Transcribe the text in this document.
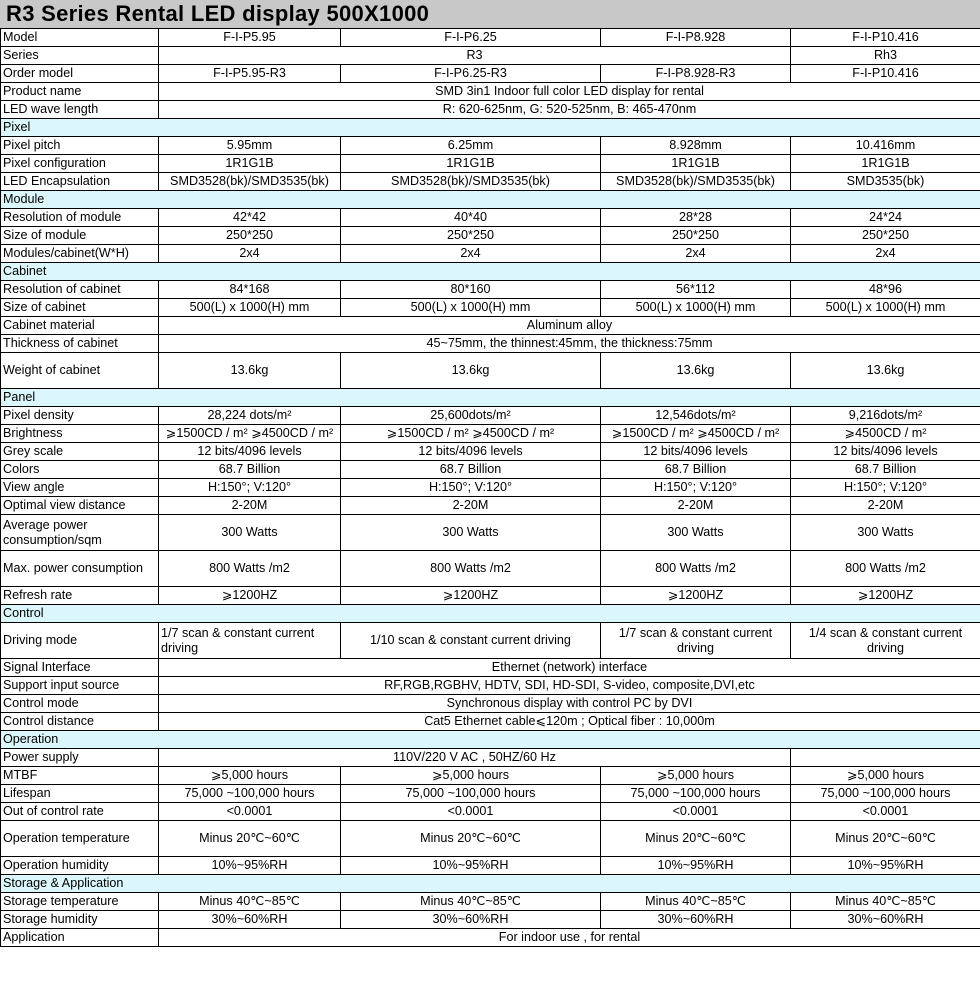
R3 Series Rental LED display 500X1000
Model	F-I-P5.95	F-I-P6.25	F-I-P8.928	F-I-P10.416
Series	R3			Rh3
Order model	F-I-P5.95-R3	F-I-P6.25-R3	F-I-P8.928-R3	F-I-P10.416
Product name	SMD 3in1 Indoor full color LED display for rental			
LED wave length	R: 620-625nm, G: 520-525nm, B: 465-470nm			
Pixel				
Pixel pitch	5.95mm	6.25mm	8.928mm	10.416mm
Pixel configuration	1R1G1B	1R1G1B	1R1G1B	1R1G1B
LED Encapsulation	SMD3528(bk)/SMD3535(bk)	SMD3528(bk)/SMD3535(bk)	SMD3528(bk)/SMD3535(bk)	SMD3535(bk)
Module				
Resolution of module	42*42	40*40	28*28	24*24
Size of module	250*250	250*250	250*250	250*250
Modules/cabinet(W*H)	2x4	2x4	2x4	2x4
Cabinet				
Resolution of cabinet	84*168	80*160	56*112	48*96
Size of cabinet	500(L) x 1000(H) mm	500(L) x 1000(H) mm	500(L) x 1000(H) mm	500(L) x 1000(H) mm
Cabinet material	Aluminum alloy			
Thickness of cabinet	45~75mm, the thinnest:45mm, the thickness:75mm			
Weight of cabinet	13.6kg	13.6kg	13.6kg	13.6kg
Panel				
Pixel density	28,224 dots/m²	25,600dots/m²	12,546dots/m²	9,216dots/m²
Brightness	⩾1500CD / m² ⩾4500CD / m²	⩾1500CD / m² ⩾4500CD / m²	⩾1500CD / m² ⩾4500CD / m²	⩾4500CD / m²
Grey scale	12 bits/4096 levels	12 bits/4096 levels	12 bits/4096 levels	12 bits/4096 levels
Colors	68.7 Billion	68.7 Billion	68.7 Billion	68.7 Billion
View angle	H:150°; V:120°	H:150°; V:120°	H:150°; V:120°	H:150°; V:120°
Optimal view distance	2-20M	2-20M	2-20M	2-20M
Average power consumption/sqm	300 Watts	300 Watts	300 Watts	300 Watts
Max. power consumption	800 Watts /m2	800 Watts /m2	800 Watts /m2	800 Watts /m2
Refresh rate	⩾1200HZ	⩾1200HZ	⩾1200HZ	⩾1200HZ
Control				
Driving mode	1/7 scan & constant current driving	1/10 scan & constant current driving	1/7 scan & constant current driving	1/4 scan & constant current driving
Signal Interface	Ethernet (network) interface			
Support input source	RF,RGB,RGBHV, HDTV, SDI, HD-SDI, S-video, composite,DVI,etc			
Control mode	Synchronous display with control PC by DVI			
Control distance	Cat5 Ethernet cable⩽120m ; Optical fiber : 10,000m			
Operation				
Power supply	110V/220 V AC , 50HZ/60 Hz			
MTBF	⩾5,000 hours	⩾5,000 hours	⩾5,000 hours	⩾5,000 hours
Lifespan	75,000 ~100,000 hours	75,000 ~100,000 hours	75,000 ~100,000 hours	75,000 ~100,000 hours
Out of control rate	<0.0001	<0.0001	<0.0001	<0.0001
Operation temperature	Minus 20℃~60℃	Minus 20℃~60℃	Minus 20℃~60℃	Minus 20℃~60℃
Operation humidity	10%~95%RH	10%~95%RH	10%~95%RH	10%~95%RH
Storage & Application				
Storage temperature	Minus 40℃~85℃	Minus 40℃~85℃	Minus 40℃~85℃	Minus 40℃~85℃
Storage humidity	30%~60%RH	30%~60%RH	30%~60%RH	30%~60%RH
Application	For indoor use , for rental			
